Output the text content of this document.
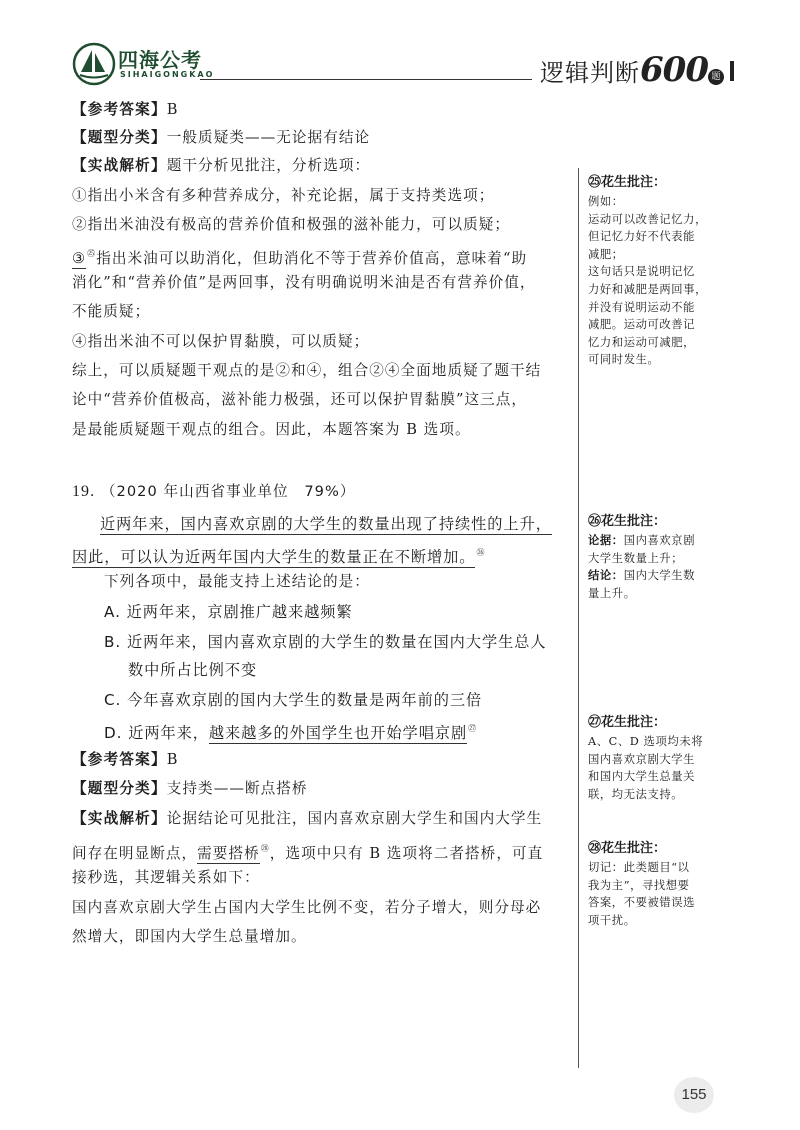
四海公考
SIHAIGONGKAO	逻辑判断600 题
【参考答案】B
【题型分类】一般质疑类——无论据有结论
【实战解析】题干分析见批注，分析选项：
①指出小米含有多种营养成分，补充论据，属于支持类选项；
②指出米油没有极高的营养价值和极强的滋补能力，可以质疑；
③$^㉕$指出米油可以助消化，但助消化不等于营养价值高，意味着“助
消化”和“营养价值”是两回事，没有明确说明米油是否有营养价值，
不能质疑；
④指出米油不可以保护胃黏膜，可以质疑；
综上，可以质疑题干观点的是②和④，组合②④全面地质疑了题干结
论中“营养价值极高，滋补能力极强，还可以保护胃黏膜”这三点，
是最能质疑题干观点的组合。因此，本题答案为 B 选项。
19. （2020 年山西省事业单位　79%）
近两年来，国内喜欢京剧的大学生的数量出现了持续性的上升，
因此，可以认为近两年国内大学生的数量正在不断增加。$^㉖$
下列各项中，最能支持上述结论的是：
A. 近两年来，京剧推广越来越频繁
B. 近两年来，国内喜欢京剧的大学生的数量在国内大学生总人
数中所占比例不变
C. 今年喜欢京剧的国内大学生的数量是两年前的三倍
D. 近两年来，越来越多的外国学生也开始学唱京剧$^㉗$
【参考答案】B
【题型分类】支持类——断点搭桥
【实战解析】论据结论可见批注，国内喜欢京剧大学生和国内大学生
间存在明显断点，需要搭桥$^㉘$，选项中只有 B 选项将二者搭桥，可直
接秒选，其逻辑关系如下：
国内喜欢京剧大学生占国内大学生比例不变，若分子增大，则分母必
然增大，即国内大学生总量增加。
㉕花生批注：
例如：
运动可以改善记忆力，
但记忆力好不代表能
减肥；
这句话只是说明记忆
力好和减肥是两回事，
并没有说明运动不能
减肥。运动可改善记
忆力和运动可减肥，
可同时发生。
㉖花生批注：
论据：国内喜欢京剧
大学生数量上升；
结论：国内大学生数
量上升。
㉗花生批注：
A、C、D 选项均未将
国内喜欢京剧大学生
和国内大学生总量关
联，均无法支持。
㉘花生批注：
切记：此类题目“以
我为主”，寻找想要
答案，不要被错误选
项干扰。
155
